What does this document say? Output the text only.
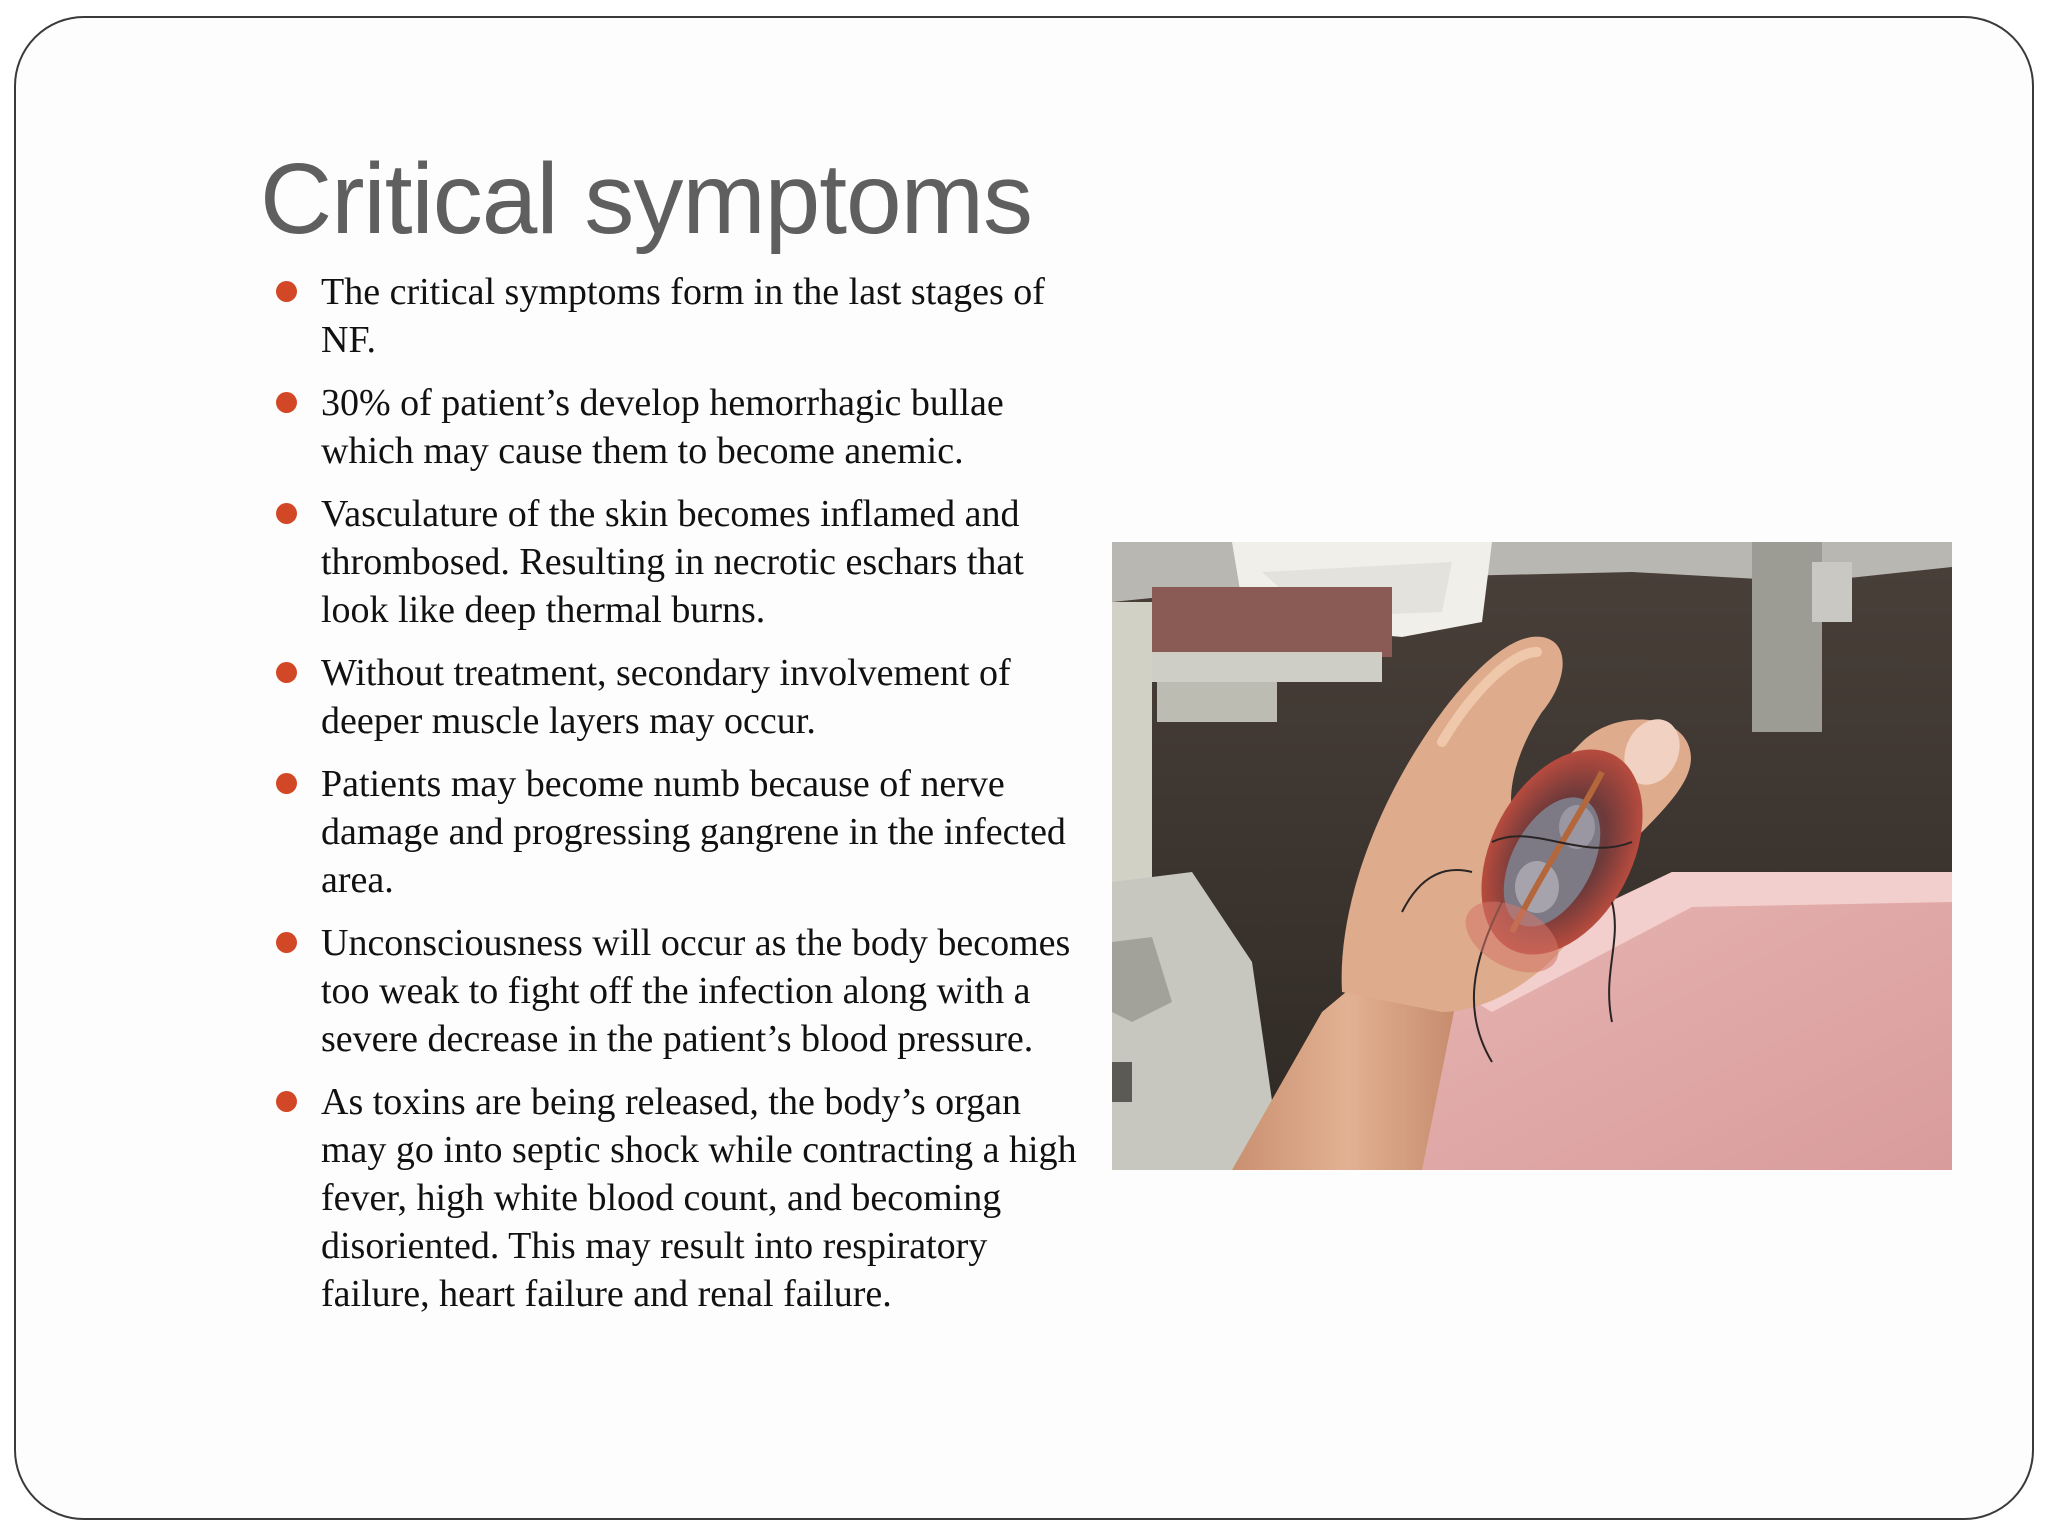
Critical symptoms
The critical symptoms form in the last stages of NF.
30% of patient’s develop hemorrhagic bullae which may cause them to become anemic.
Vasculature of the skin becomes inflamed and thrombosed. Resulting in necrotic eschars that look like deep thermal burns.
Without treatment, secondary involvement of deeper muscle layers may occur.
Patients may become numb because of nerve damage and progressing gangrene in the infected area.
Unconsciousness will occur as the body becomes too weak to fight off the infection along with a severe decrease in the patient’s blood pressure.
As toxins are being released, the body’s organ may go into septic shock while contracting a high fever, high white blood count, and becoming disoriented. This may result into respiratory failure, heart failure and renal failure.
